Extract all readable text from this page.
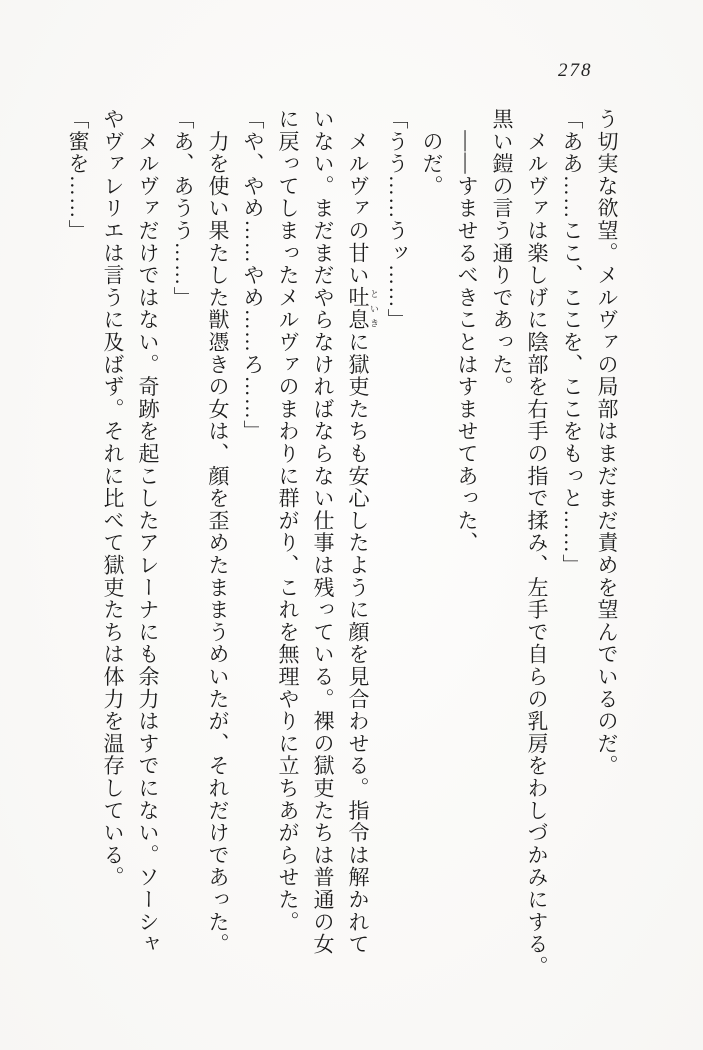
278
う切実な欲望。メルヴァの局部はまだまだ責めを望んでいるのだ。
「ああ……ここ、ここを、ここをもっと……」
　メルヴァは楽しげに陰部を右手の指で揉み、左手で自らの乳房をわしづかみにする。
黒い鎧の言う通りであった。
　――すませるべきことはすませてあった、
　のだ。
「うう……うッ……」
　メルヴァの甘い吐息 といきに獄吏たちも安心したように顔を見合わせる。指令は解かれて
いない。まだまだやらなければならない仕事は残っている。裸の獄吏たちは普通の女
に戻ってしまったメルヴァのまわりに群がり、これを無理やりに立ちあがらせた。
「や、やめ……やめ……ろ……」
　力を使い果たした獣憑きの女は、顔を歪めたままうめいたが、それだけであった。
「あ、あうう……」
　メルヴァだけではない。奇跡を起こしたアレーナにも余力はすでにない。ソーシャ
やヴァレリエは言うに及ばず。それに比べて獄吏たちは体力を温存している。
「蜜を……」
